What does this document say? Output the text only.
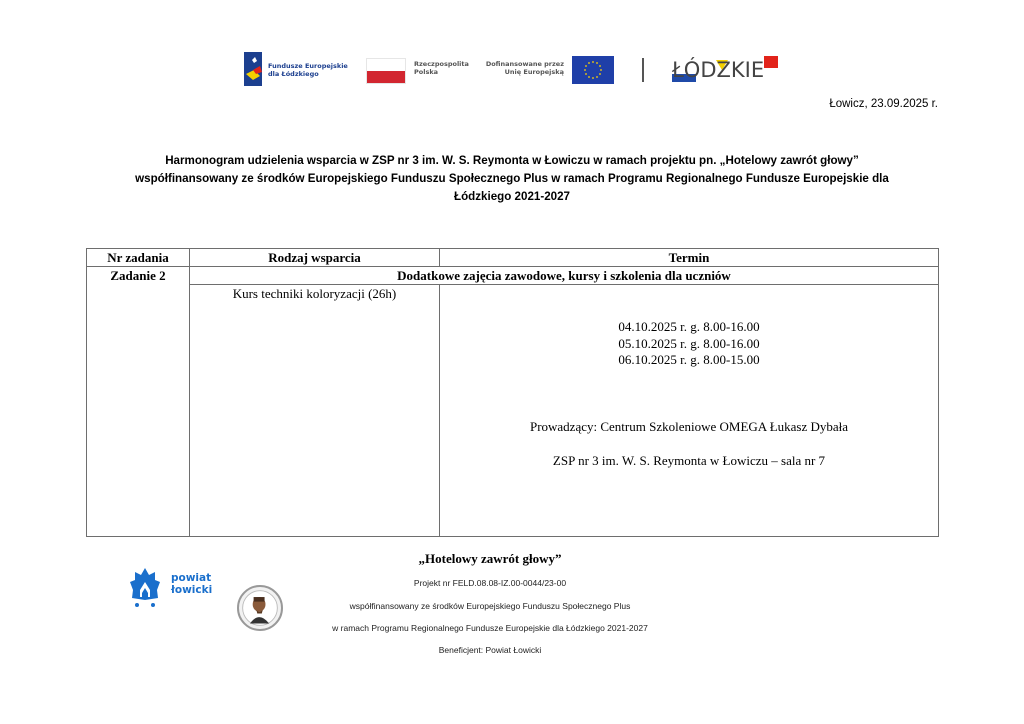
Fundusze Europejskie
dla Łódzkiego
Rzeczpospolita
Polska
Dofinansowane przez
Unię Europejską	ŁÓDZKIE
Łowicz, 23.09.2025 r.
Harmonogram udzielenia wsparcia w ZSP nr 3 im. W. S. Reymonta w Łowiczu w ramach projektu pn. „Hotelowy zawrót głowy”
współfinansowany ze środków Europejskiego Funduszu Społecznego Plus w ramach Programu Regionalnego Fundusze Europejskie dla
Łódzkiego 2021-2027
Nr zadania	Rodzaj wsparcia	Termin
Zadanie 2	Dodatkowe zajęcia zawodowe, kursy i szkolenia dla uczniów	
	Kurs techniki koloryzacji (26h)	04.10.2025 r. g. 8.00-16.00
05.10.2025 r. g. 8.00-16.00
06.10.2025 r. g. 8.00-15.00
Prowadzący: Centrum Szkoleniowe OMEGA Łukasz Dybała
ZSP nr 3 im. W. S. Reymonta w Łowiczu – sala nr 7
powiat
łowicki
„Hotelowy zawrót głowy”
Projekt nr FELD.08.08-IZ.00-0044/23-00
współfinansowany ze środków Europejskiego Funduszu Społecznego Plus
w ramach Programu Regionalnego Fundusze Europejskie dla Łódzkiego 2021-2027
Beneficjent: Powiat Łowicki
